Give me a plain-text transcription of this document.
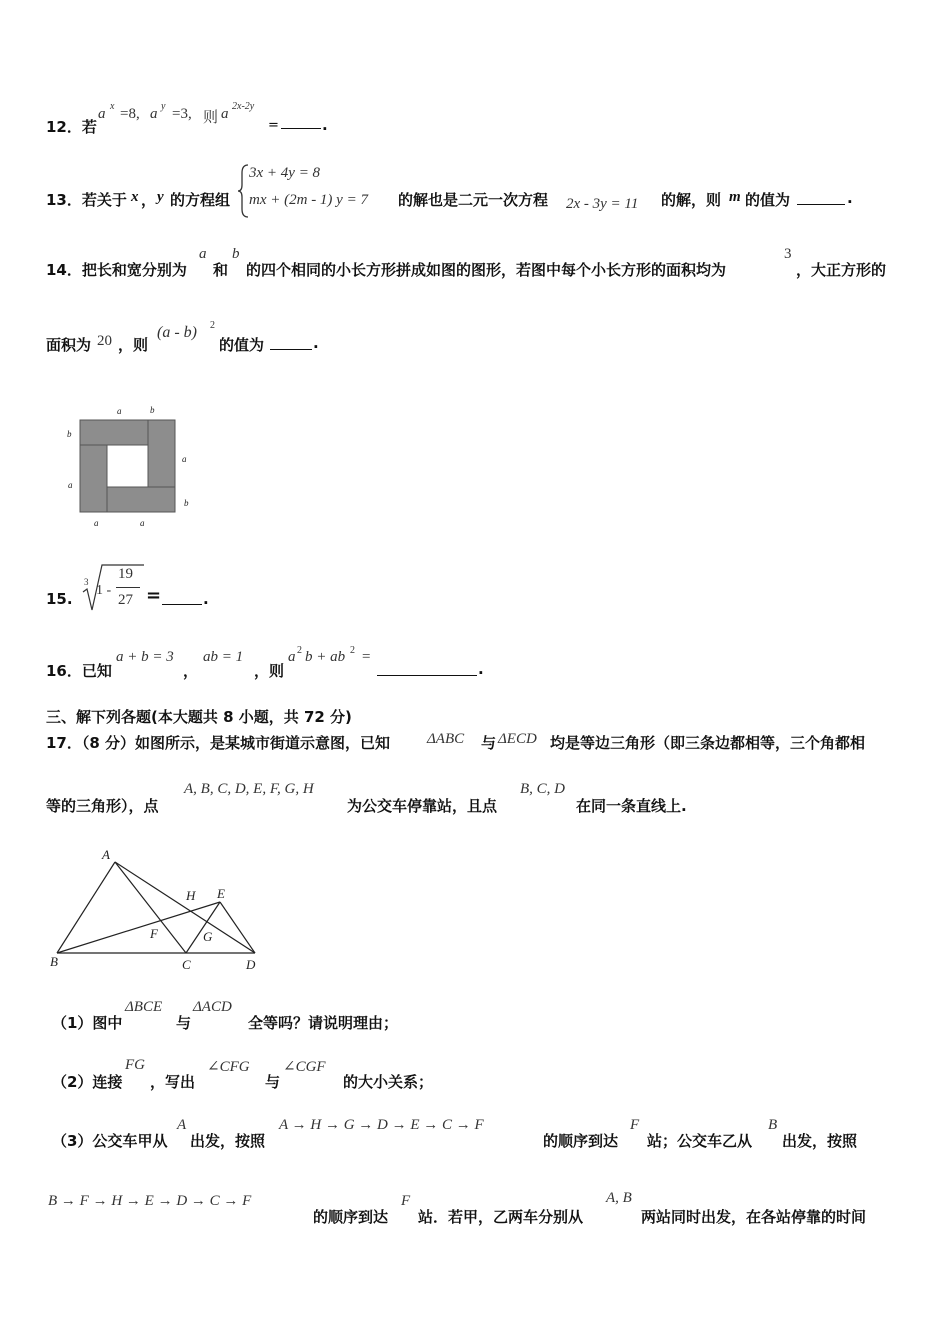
12．若
a x =8, a y =3, 则 a 2x-2y
=	.
13．若关于 x ， y 的方程组
3x + 4y = 8
mx + (2m - 1) y = 7 的解也是二元一次方程 2x - 3y = 11 的解，则 m 的值为	.
14．把长和宽分别为
a
和
b
的四个相同的小长方形拼成如图的图形，若图中每个小长方形的面积均为
3
，大正方形的
面积为 20 ，则
(a - b) 2
的值为	.
a	b
b
a
a
a
b
a
15.
3
1 -
19
27 =	.
16．已知
a + b = 3
，
ab = 1
，则
a 2 b + ab 2 =
.
三、解下列各题(本大题共 8 小题，共 72 分)
17．（8 分）如图所示，是某城市街道示意图，已知 ΔABC 与 ΔECD 均是等边三角形（即三条边都相等，三个角都相
等的三角形），点
A, B, C, D, E, F, G, H
为公交车停靠站，且点
B, C, D
在同一条直线上.
A
B	C	D
E
F	G
H
（1）图中
ΔBCE
与
ΔACD
全等吗？请说明理由；
（2）连接
FG
，写出
∠CFG
与
∠CGF
的大小关系；
（3）公交车甲从
A
出发，按照
A → H → G → D → E → C → F
的顺序到达
F
站；公交车乙从
B
出发，按照
B → F → H → E → D → C → F
的顺序到达
F
站．若甲，乙两车分别从
A, B
两站同时出发，在各站停靠的时间
